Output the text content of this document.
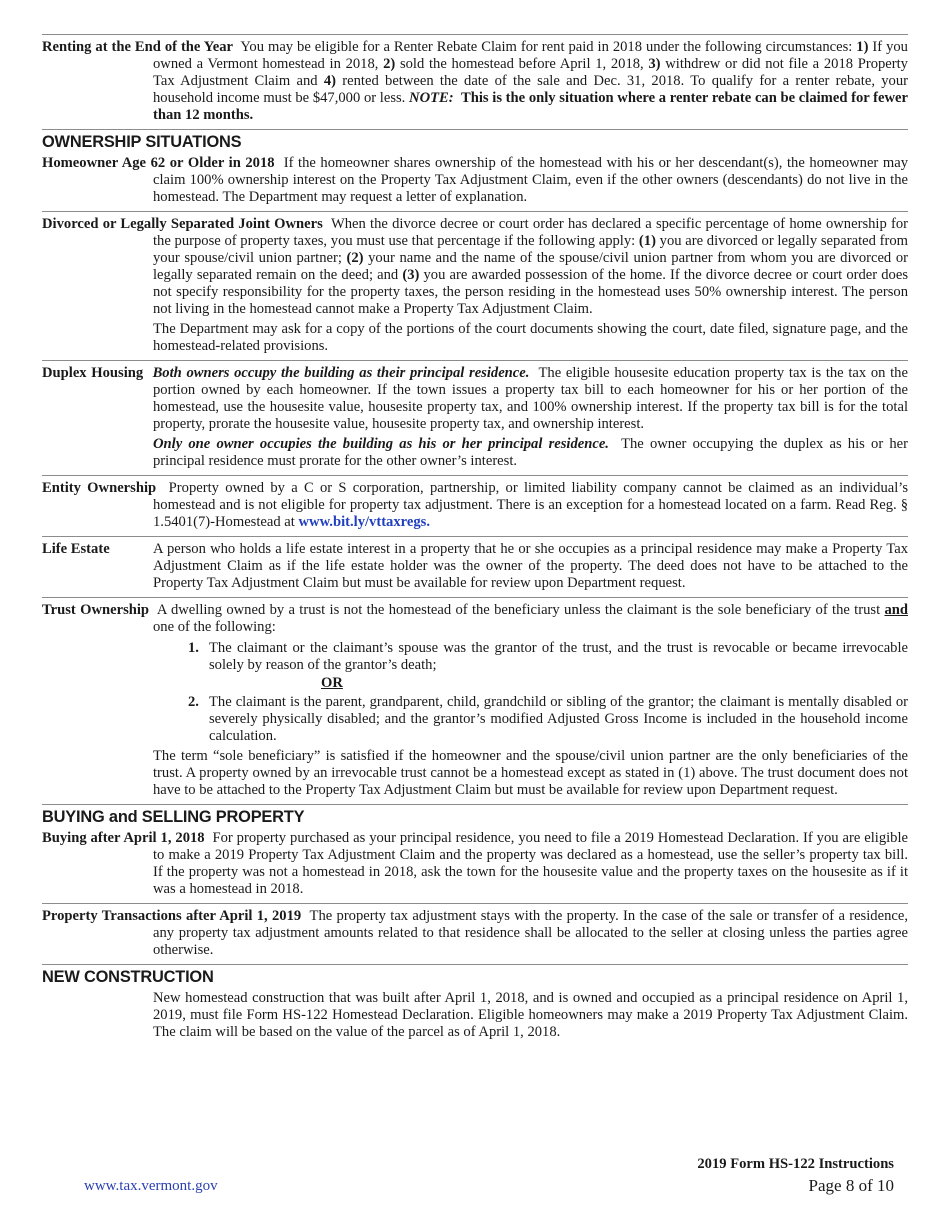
Renting at the End of the Year You may be eligible for a Renter Rebate Claim for rent paid in 2018 under the following circumstances: 1) If you owned a Vermont homestead in 2018, 2) sold the homestead before April 1, 2018, 3) withdrew or did not file a 2018 Property Tax Adjustment Claim and 4) rented between the date of the sale and Dec. 31, 2018. To qualify for a renter rebate, your household income must be $47,000 or less. NOTE: This is the only situation where a renter rebate can be claimed for fewer than 12 months.
OWNERSHIP SITUATIONS
Homeowner Age 62 or Older in 2018 If the homeowner shares ownership of the homestead with his or her descendant(s), the homeowner may claim 100% ownership interest on the Property Tax Adjustment Claim, even if the other owners (descendants) do not live in the homestead. The Department may request a letter of explanation.
Divorced or Legally Separated Joint Owners When the divorce decree or court order has declared a specific percentage of home ownership for the purpose of property taxes, you must use that percentage if the following apply: (1) you are divorced or legally separated from your spouse/civil union partner; (2) your name and the name of the spouse/civil union partner from whom you are divorced or legally separated remain on the deed; and (3) you are awarded possession of the home. If the divorce decree or court order does not specify responsibility for the property taxes, the person residing in the homestead uses 50% ownership interest. The person not living in the homestead cannot make a Property Tax Adjustment Claim.
The Department may ask for a copy of the portions of the court documents showing the court, date filed, signature page, and the homestead-related provisions.
Duplex Housing Both owners occupy the building as their principal residence. The eligible housesite education property tax is the tax on the portion owned by each homeowner. If the town issues a property tax bill to each homeowner for his or her portion of the homestead, use the housesite value, housesite property tax, and 100% ownership interest. If the property tax bill is for the total property, prorate the housesite value, housesite property tax, and ownership interest.
Only one owner occupies the building as his or her principal residence. The owner occupying the duplex as his or her principal residence must prorate for the other owner’s interest.
Entity Ownership Property owned by a C or S corporation, partnership, or limited liability company cannot be claimed as an individual’s homestead and is not eligible for property tax adjustment. There is an exception for a homestead located on a farm. Read Reg. § 1.5401(7)-Homestead at www.bit.ly/vttaxregs.
Life Estate	A person who holds a life estate interest in a property that he or she occupies as a principal residence may make a Property Tax Adjustment Claim as if the life estate holder was the owner of the property. The deed does not have to be attached to the Property Tax Adjustment Claim but must be available for review upon Department request.
Trust Ownership A dwelling owned by a trust is not the homestead of the beneficiary unless the claimant is the sole beneficiary of the trust and one of the following:
1. The claimant or the claimant’s spouse was the grantor of the trust, and the trust is revocable or became irrevocable solely by reason of the grantor’s death;
OR
2. The claimant is the parent, grandparent, child, grandchild or sibling of the grantor; the claimant is mentally disabled or severely physically disabled; and the grantor’s modified Adjusted Gross Income is included in the household income calculation.
The term “sole beneficiary” is satisfied if the homeowner and the spouse/civil union partner are the only beneficiaries of the trust. A property owned by an irrevocable trust cannot be a homestead except as stated in (1) above. The trust document does not have to be attached to the Property Tax Adjustment Claim but must be available for review upon Department request.
BUYING and SELLING PROPERTY
Buying after April 1, 2018 For property purchased as your principal residence, you need to file a 2019 Homestead Declaration. If you are eligible to make a 2019 Property Tax Adjustment Claim and the property was declared as a homestead, use the seller’s property tax bill. If the property was not a homestead in 2018, ask the town for the housesite value and the property taxes on the housesite as if it was a homestead in 2018.
Property Transactions after April 1, 2019 The property tax adjustment stays with the property. In the case of the sale or transfer of a residence, any property tax adjustment amounts related to that residence shall be allocated to the seller at closing unless the parties agree otherwise.
NEW CONSTRUCTION
New homestead construction that was built after April 1, 2018, and is owned and occupied as a principal residence on April 1, 2019, must file Form HS-122 Homestead Declaration. Eligible homeowners may make a 2019 Property Tax Adjustment Claim. The claim will be based on the value of the parcel as of April 1, 2018.
2019 Form HS-122 Instructions
www.tax.vermont.gov	Page 8 of 10
